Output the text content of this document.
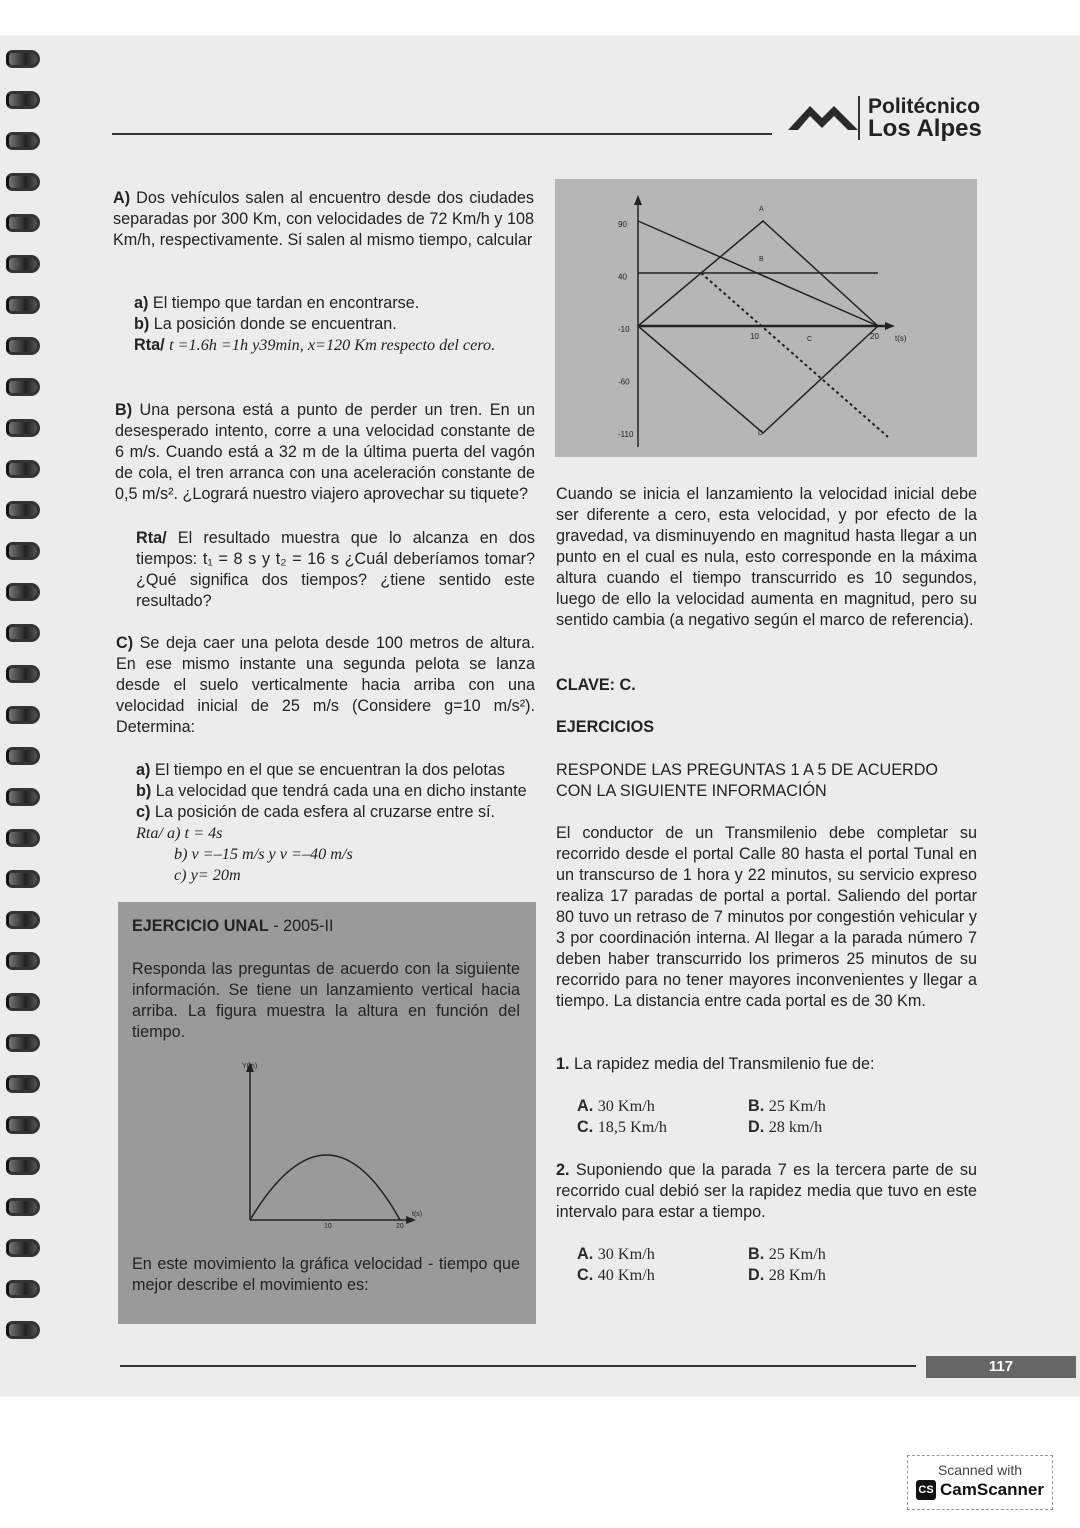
Politécnico
Los Alpes
A) Dos vehículos salen al encuentro desde dos ciudades separadas por 300 Km, con velocidades de 72 Km/h y 108 Km/h, respectivamente. Si salen al mismo tiempo, calcular
a) El tiempo que tardan en encontrarse.
b) La posición donde se encuentran.
Rta/ t =1.6h =1h y39min, x=120 Km respecto del cero.
B) Una persona está a punto de perder un tren. En un desesperado intento, corre a una velocidad constante de 6 m/s. Cuando está a 32 m de la última puerta del vagón de cola, el tren arranca con una aceleración constante de 0,5 m/s². ¿Logrará nuestro viajero aprovechar su tiquete?
Rta/ El resultado muestra que lo alcanza en dos tiempos: t₁ = 8 s y t₂ = 16 s ¿Cuál deberíamos tomar? ¿Qué significa dos tiempos? ¿tiene sentido este resultado?
C) Se deja caer una pelota desde 100 metros de altura. En ese mismo instante una segunda pelota se lanza desde el suelo verticalmente hacia arriba con una velocidad inicial de 25 m/s (Considere g=10 m/s²). Determina:
a) El tiempo en el que se encuentran la dos pelotas
b) La velocidad que tendrá cada una en dicho instante
c) La posición de cada esfera al cruzarse entre sí.
Rta/ a) t = 4s
b) v =–15 m/s y v =–40 m/s
c) y= 20m
EJERCICIO UNAL - 2005-II
Responda las preguntas de acuerdo con la siguiente información. Se tiene un lanzamiento vertical hacia arriba. La figura muestra la altura en función del tiempo.
Y(m)
t(s)
10	20
En este movimiento la gráfica velocidad - tiempo que mejor describe el movimiento es:
90
40
-10
-60
-110
10	20 t(s)
A
B
C
D
Cuando se inicia el lanzamiento la velocidad inicial debe ser diferente a cero, esta velocidad, y por efecto de la gravedad, va disminuyendo en magnitud hasta llegar a un punto en el cual es nula, esto corresponde en la máxima altura cuando el tiempo transcurrido es 10 segundos, luego de ello la velocidad aumenta en magnitud, pero su sentido cambia (a negativo según el marco de referencia).
CLAVE: C.
EJERCICIOS
RESPONDE LAS PREGUNTAS 1 A 5 DE ACUERDO CON LA SIGUIENTE INFORMACIÓN
El conductor de un Transmilenio debe completar su recorrido desde el portal Calle 80 hasta el portal Tunal en un transcurso de 1 hora y 22 minutos, su servicio expreso realiza 17 paradas de portal a portal. Saliendo del portar 80 tuvo un retraso de 7 minutos por congestión vehicular y 3 por coordinación interna. Al llegar a la parada número 7 deben haber transcurrido los primeros 25 minutos de su recorrido para no tener mayores inconvenientes y llegar a tiempo. La distancia entre cada portal es de 30 Km.
1. La rapidez media del Transmilenio fue de:
A. 30 Km/h	B. 25 Km/h
C. 18,5 Km/h	D. 28 km/h
2. Suponiendo que la parada 7 es la tercera parte de su recorrido cual debió ser la rapidez media que tuvo en este intervalo para estar a tiempo.
A. 30 Km/h	B. 25 Km/h
C. 40 Km/h	D. 28 Km/h
117
Scanned with
CS CamScanner
